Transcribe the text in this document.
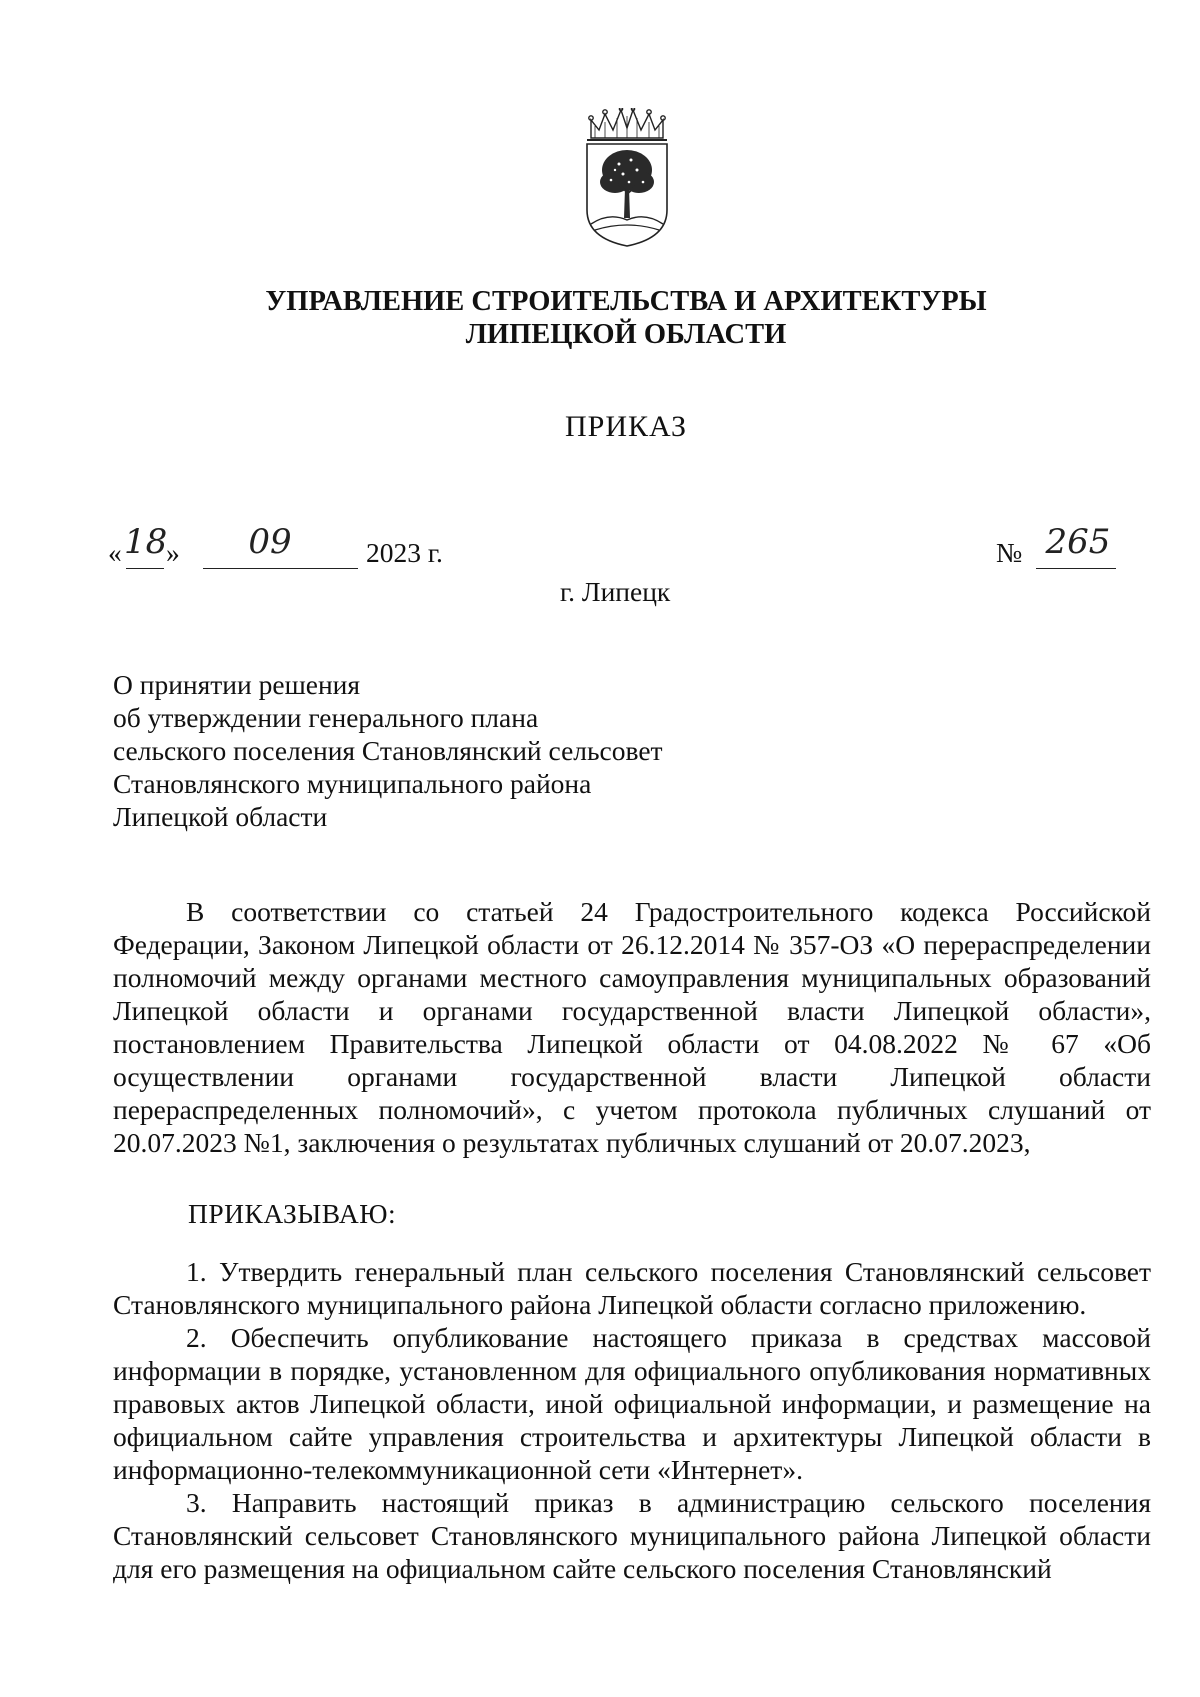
УПРАВЛЕНИЕ СТРОИТЕЛЬСТВА И АРХИТЕКТУРЫ
ЛИПЕЦКОЙ ОБЛАСТИ
ПРИКАЗ
« 18
»	09	2023 г.	№ 265
г. Липецк
О принятии решения
об утверждении генерального плана
сельского поселения Становлянский сельсовет
Становлянского муниципального района
Липецкой области

В соответствии со статьей 24 Градостроительного кодекса Российской Федерации, Законом Липецкой области от 26.12.2014 № 357-ОЗ «О перераспределении полномочий между органами местного самоуправления муниципальных образований Липецкой области и органами государственной власти Липецкой области», постановлением Правительства Липецкой области от 04.08.2022 № 67 «Об осуществлении органами государственной власти Липецкой области перераспределенных полномочий», с учетом протокола публичных слушаний от 20.07.2023 №1, заключения о результатах публичных слушаний от 20.07.2023,

ПРИКАЗЫВАЮ:

1. Утвердить генеральный план сельского поселения Становлянский сельсовет Становлянского муниципального района Липецкой области согласно приложению.

2. Обеспечить опубликование настоящего приказа в средствах массовой информации в порядке, установленном для официального опубликования нормативных правовых актов Липецкой области, иной официальной информации, и размещение на официальном сайте управления строительства и архитектуры Липецкой области в информационно-телекоммуникационной сети «Интернет».

3. Направить настоящий приказ в администрацию сельского поселения Становлянский сельсовет Становлянского муниципального района Липецкой области для его размещения на официальном сайте сельского поселения Становлянский
